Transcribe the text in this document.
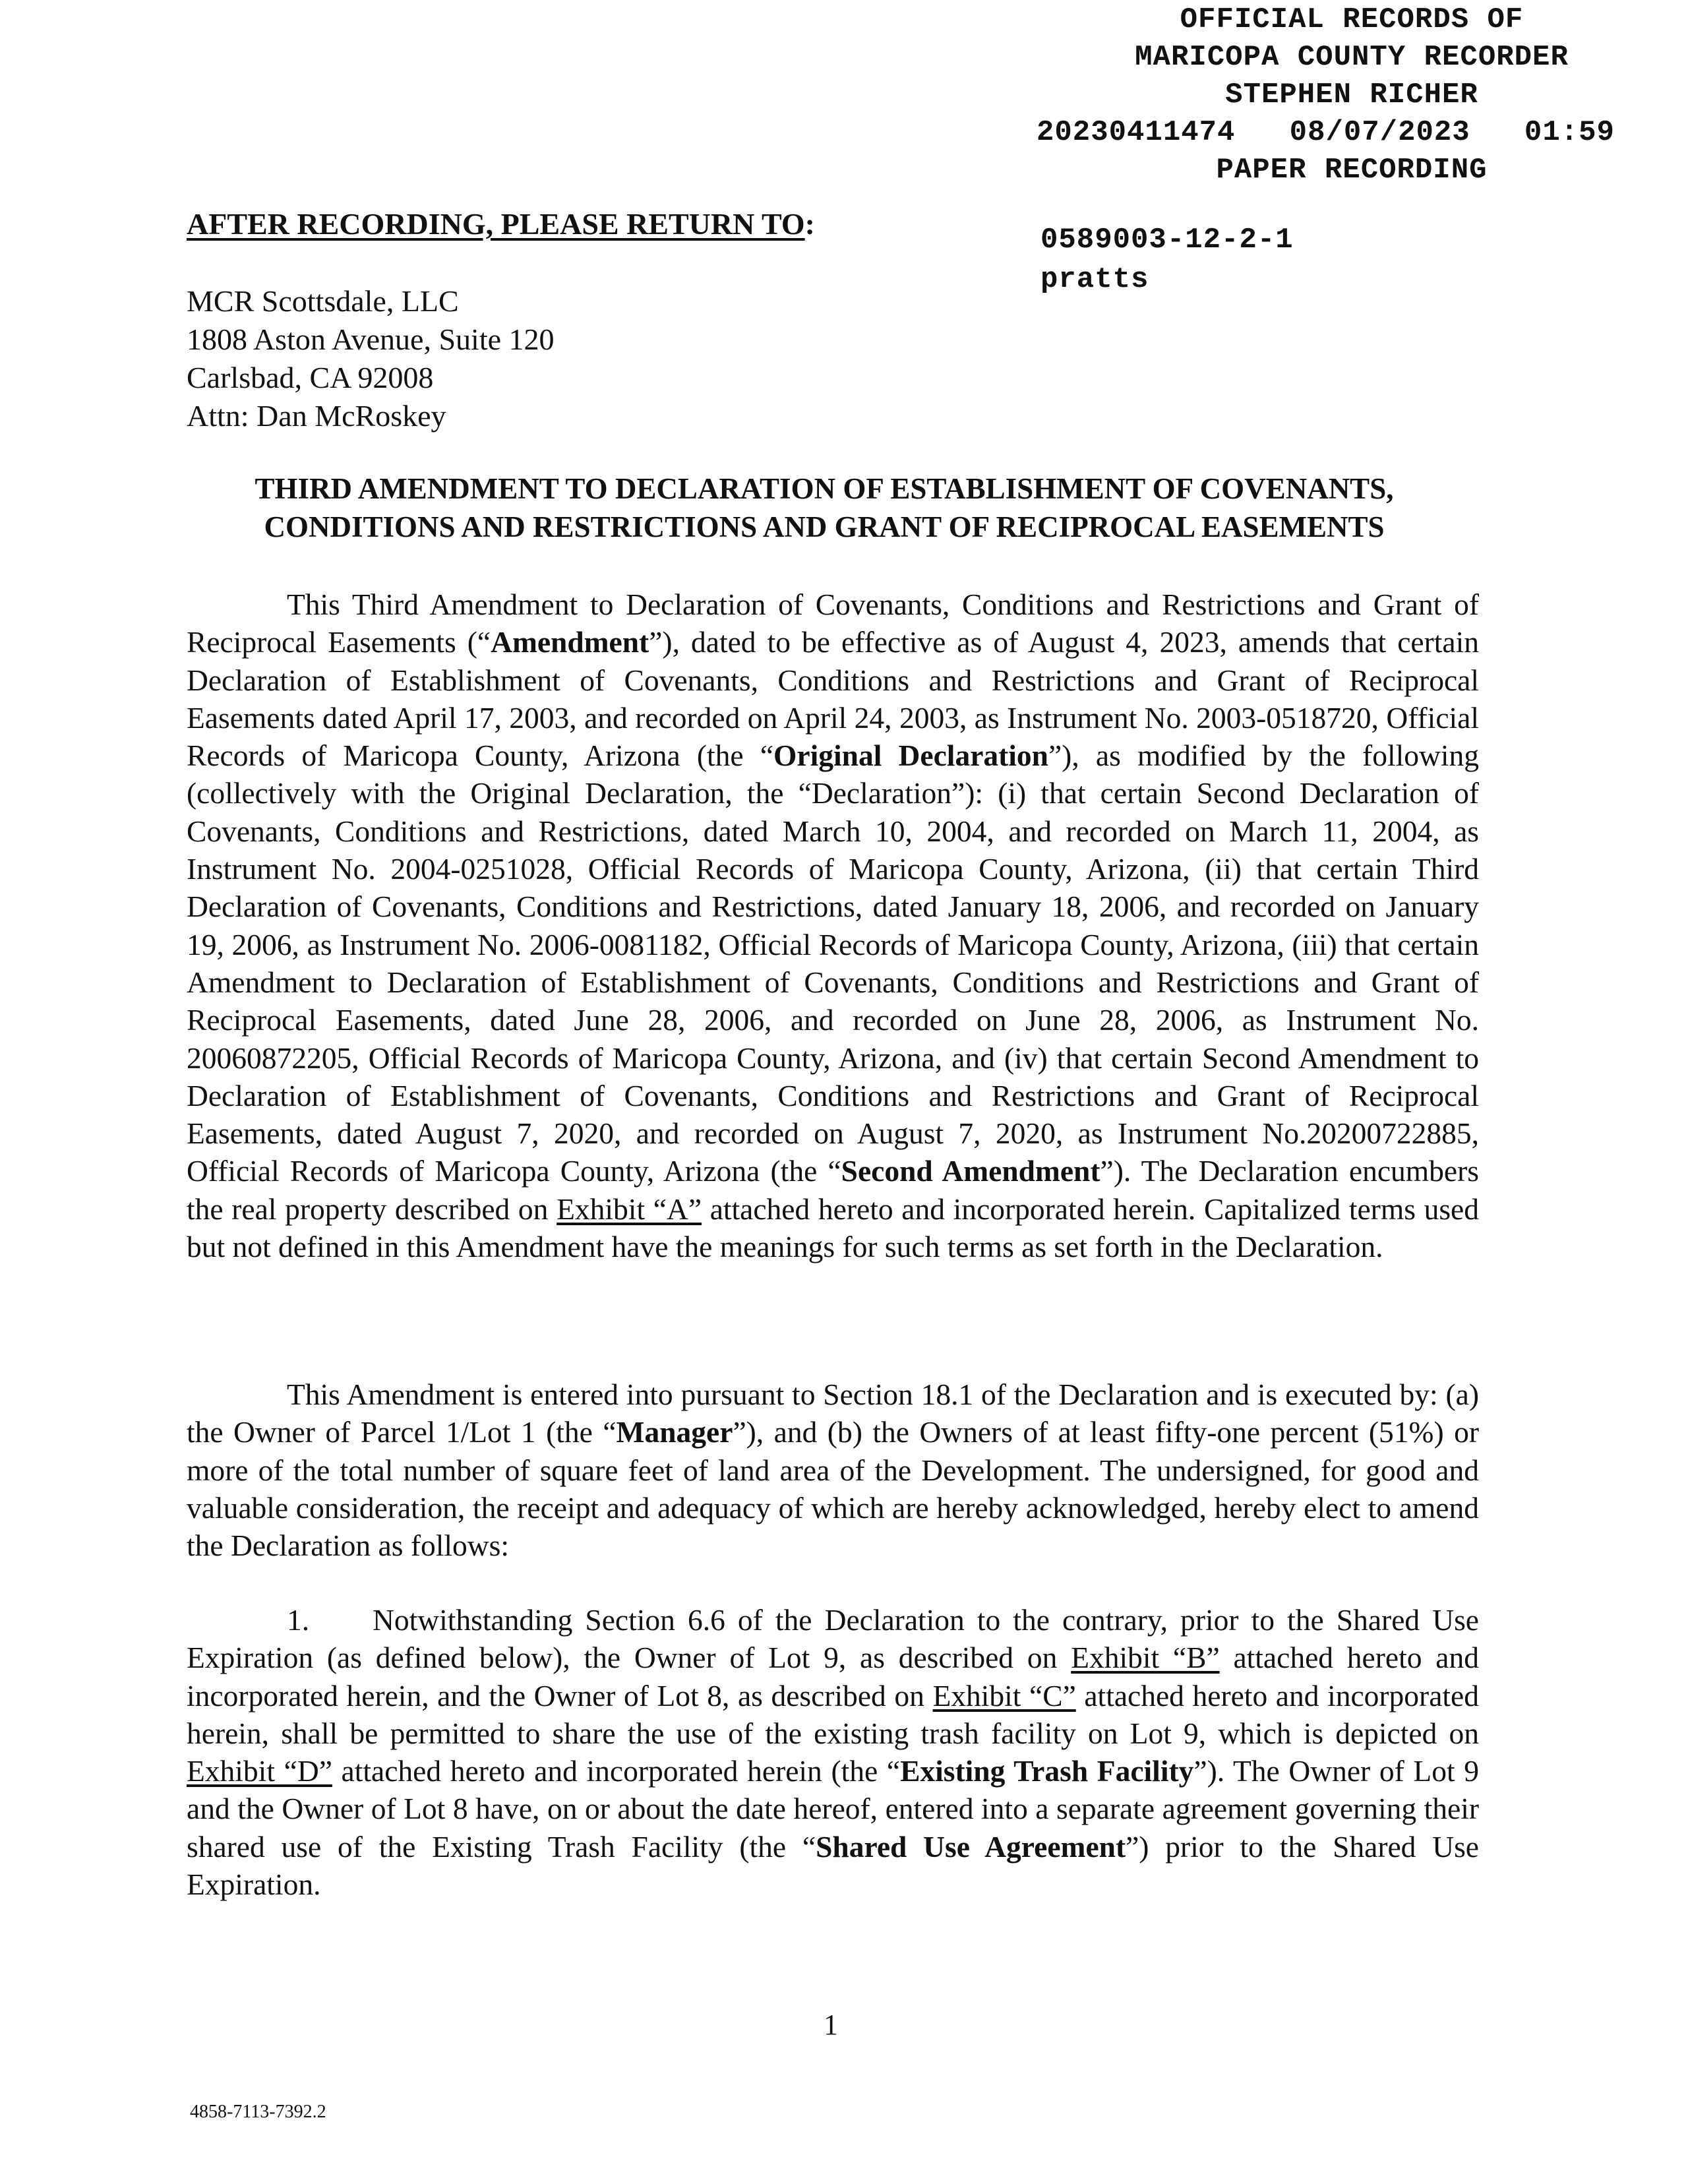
OFFICIAL RECORDS OF
MARICOPA COUNTY RECORDER
STEPHEN RICHER
20230411474   08/07/2023   01:59
PAPER RECORDING
0589003-12-2-1
pratts
AFTER RECORDING, PLEASE RETURN TO:
MCR Scottsdale, LLC
1808 Aston Avenue, Suite 120
Carlsbad, CA 92008
Attn: Dan McRoskey
THIRD AMENDMENT TO DECLARATION OF ESTABLISHMENT OF COVENANTS,
CONDITIONS AND RESTRICTIONS AND GRANT OF RECIPROCAL EASEMENTS

This Third Amendment to Declaration of Covenants, Conditions and Restrictions and Grant of Reciprocal Easements (“Amendment”), dated to be effective as of August 4, 2023, amends that certain Declaration of Establishment of Covenants, Conditions and Restrictions and Grant of Reciprocal Easements dated April 17, 2003, and recorded on April 24, 2003, as Instrument No. 2003-0518720, Official Records of Maricopa County, Arizona (the “Original Declaration”), as modified by the following (collectively with the Original Declaration, the “Declaration”): (i) that certain Second Declaration of Covenants, Conditions and Restrictions, dated March 10, 2004, and recorded on March 11, 2004, as Instrument No. 2004-0251028, Official Records of Maricopa County, Arizona, (ii) that certain Third Declaration of Covenants, Conditions and Restrictions, dated January 18, 2006, and recorded on January 19, 2006, as Instrument No. 2006-0081182, Official Records of Maricopa County, Arizona, (iii) that certain Amendment to Declaration of Establishment of Covenants, Conditions and Restrictions and Grant of Reciprocal Easements, dated June 28, 2006, and recorded on June 28, 2006, as Instrument No. 20060872205, Official Records of Maricopa County, Arizona, and (iv) that certain Second Amendment to Declaration of Establishment of Covenants, Conditions and Restrictions and Grant of Reciprocal Easements, dated August 7, 2020, and recorded on August 7, 2020, as Instrument No.20200722885, Official Records of Maricopa County, Arizona (the “Second Amendment”). The Declaration encumbers the real property described on Exhibit “A” attached hereto and incorporated herein. Capitalized terms used but not defined in this Amendment have the meanings for such terms as set forth in the Declaration.

This Amendment is entered into pursuant to Section 18.1 of the Declaration and is executed by: (a) the Owner of Parcel 1/Lot 1 (the “Manager”), and (b) the Owners of at least fifty-one percent (51%) or more of the total number of square feet of land area of the Development. The undersigned, for good and valuable consideration, the receipt and adequacy of which are hereby acknowledged, hereby elect to amend the Declaration as follows:

1. Notwithstanding Section 6.6 of the Declaration to the contrary, prior to the Shared Use Expiration (as defined below), the Owner of Lot 9, as described on Exhibit “B” attached hereto and incorporated herein, and the Owner of Lot 8, as described on Exhibit “C” attached hereto and incorporated herein, shall be permitted to share the use of the existing trash facility on Lot 9, which is depicted on Exhibit “D” attached hereto and incorporated herein (the “Existing Trash Facility”). The Owner of Lot 9 and the Owner of Lot 8 have, on or about the date hereof, entered into a separate agreement governing their shared use of the Existing Trash Facility (the “Shared Use Agreement”) prior to the Shared Use Expiration.

1
4858-7113-7392.2
